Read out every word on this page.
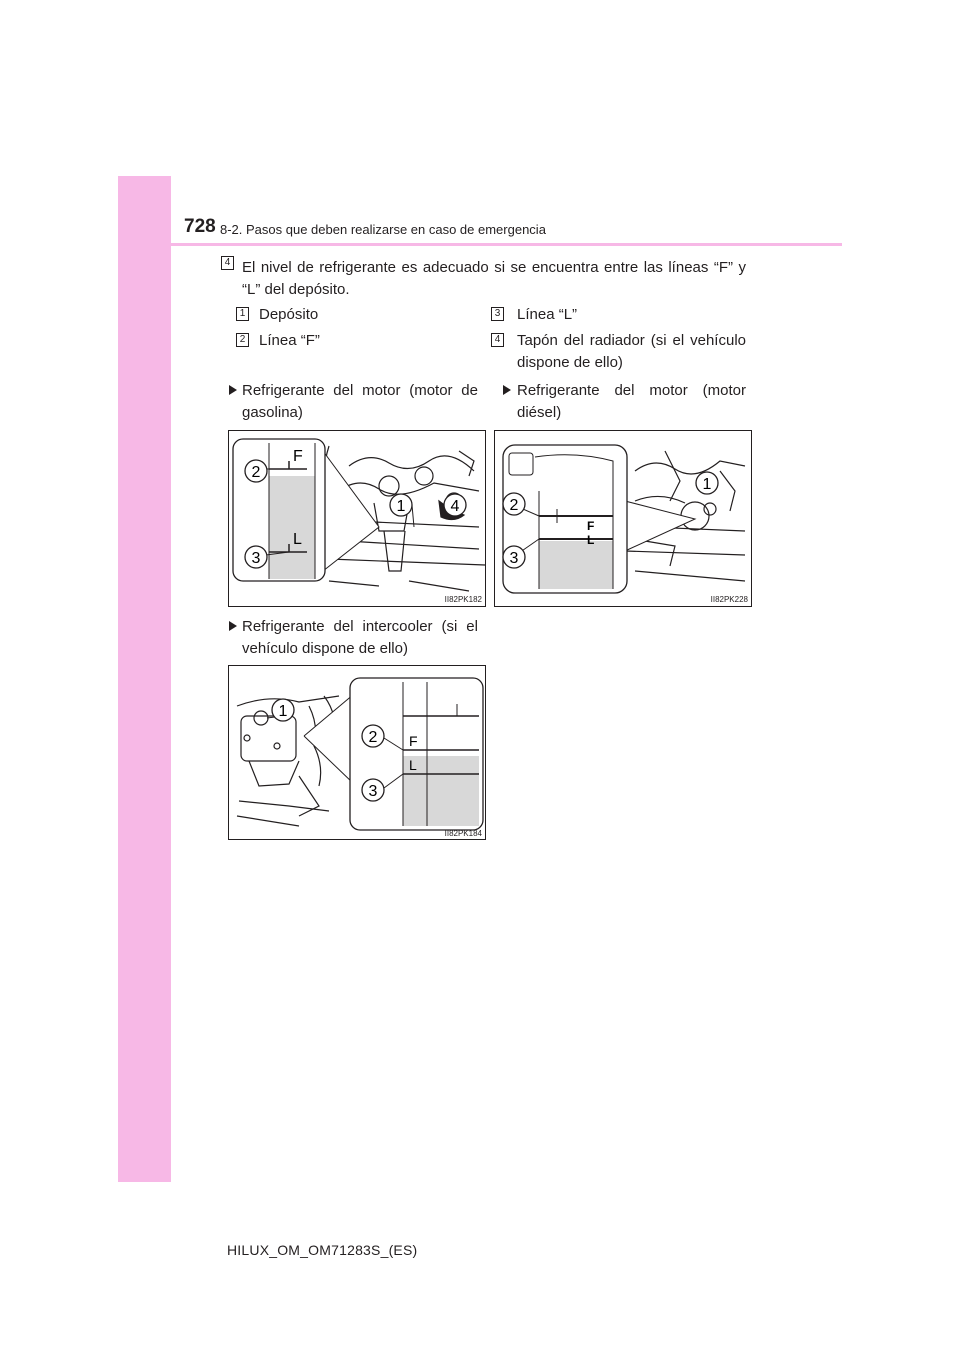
728 8-2. Pasos que deben realizarse en caso de emergencia
4 El nivel de refrigerante es adecuado si se encuentra entre las líneas “F” y
“L” del depósito.
1 Depósito
2 Línea “F”
3 Línea “L”
4 Tapón del radiador (si el vehículo
dispone de ello)
Refrigerante del motor (motor de
gasolina)
Refrigerante del motor (motor
diésel)
2
3
1	4
F
L
II82PK182
2
3
1
F
L
II82PK228
Refrigerante del intercooler (si el
vehículo dispone de ello)
1
2
3
F
L
II82PK184
HILUX_OM_OM71283S_(ES)
